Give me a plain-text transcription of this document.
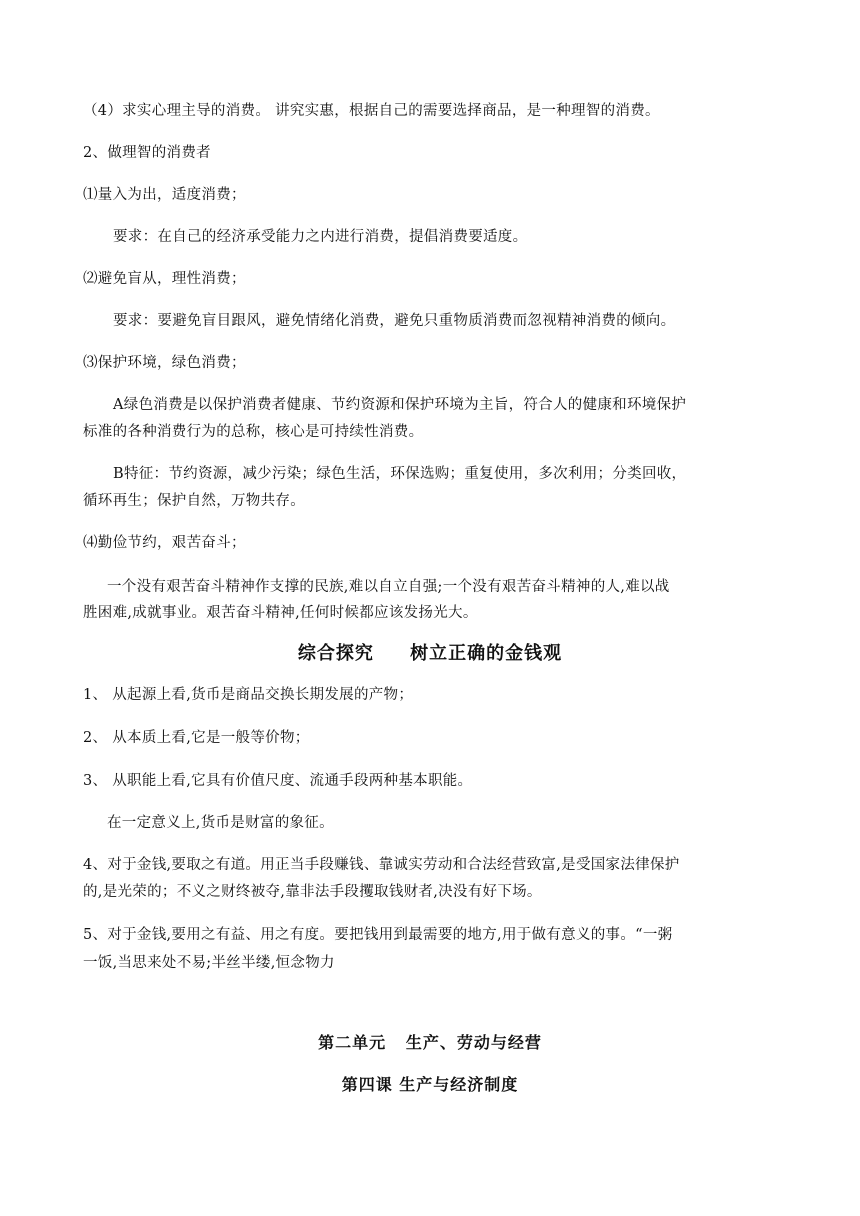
（4）求实心理主导的消费。 讲究实惠，根据自己的需要选择商品，是一种理智的消费。
2、做理智的消费者
⑴量入为出，适度消费；
要求：在自己的经济承受能力之内进行消费，提倡消费要适度。
⑵避免盲从，理性消费；
要求：要避免盲目跟风，避免情绪化消费，避免只重物质消费而忽视精神消费的倾向。
⑶保护环境，绿色消费；
A绿色消费是以保护消费者健康、节约资源和保护环境为主旨，符合人的健康和环境保护
标准的各种消费行为的总称，核心是可持续性消费。
B特征：节约资源，减少污染；绿色生活，环保选购；重复使用，多次利用；分类回收，
循环再生；保护自然，万物共存。
⑷勤俭节约，艰苦奋斗；
一个没有艰苦奋斗精神作支撑的民族,难以自立自强;一个没有艰苦奋斗精神的人,难以战
胜困难,成就事业。艰苦奋斗精神,任何时候都应该发扬光大。
综合探究     树立正确的金钱观
1、 从起源上看,货币是商品交换长期发展的产物；
2、 从本质上看,它是一般等价物；
3、 从职能上看,它具有价值尺度、流通手段两种基本职能。
在一定意义上,货币是财富的象征。
4、对于金钱,要取之有道。用正当手段赚钱、靠诚实劳动和合法经营致富,是受国家法律保护
的,是光荣的；不义之财终被夺,靠非法手段攫取钱财者,决没有好下场。
5、对于金钱,要用之有益、用之有度。要把钱用到最需要的地方,用于做有意义的事。“一粥
一饭,当思来处不易;半丝半缕,恒念物力
第二单元   生产、劳动与经营
第四课 生产与经济制度
